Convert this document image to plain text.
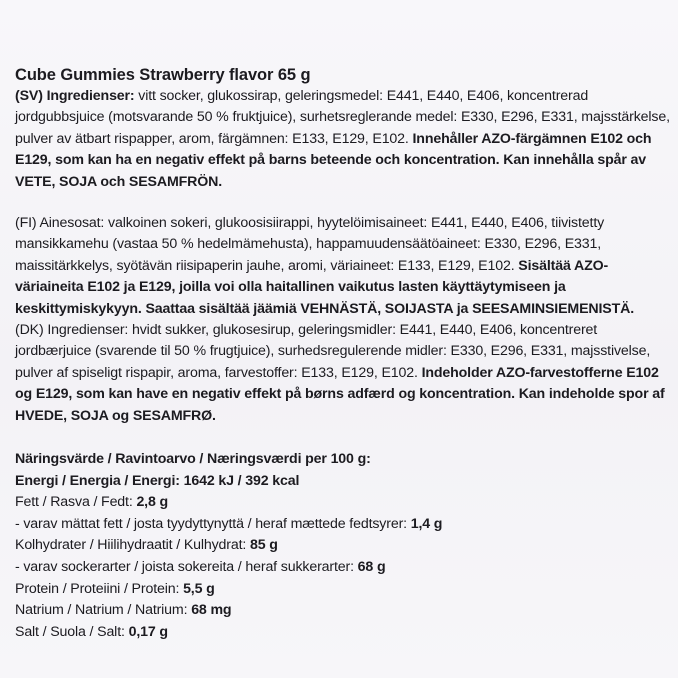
Cube Gummies Strawberry flavor 65 g

(SV) Ingredienser: vitt socker, glukossirap, geleringsmedel: E441, E440, E406, koncentrerad jordgubbsjuice (motsvarande 50 % fruktjuice), surhetsreglerande medel: E330, E296, E331, majsstärkelse, pulver av ätbart rispapper, arom, färgämnen: E133, E129, E102. Innehåller AZO-färgämnen E102 och E129, som kan ha en negativ effekt på barns beteende och koncentration. Kan innehålla spår av VETE, SOJA och SESAMFRÖN.

(FI) Ainesosat: valkoinen sokeri, glukoosisiirappi, hyytelöimisaineet: E441, E440, E406, tiivistetty mansikkamehu (vastaa 50 % hedelmämehusta), happamuudensäätöaineet: E330, E296, E331, maissitärkkelys, syötävän riisipaperin jauhe, aromi, väriaineet: E133, E129, E102. Sisältää AZO-väriaineita E102 ja E129, joilla voi olla haitallinen vaikutus lasten käyttäytymiseen ja keskittymiskykyyn. Saattaa sisältää jäämiä VEHNÄSTÄ, SOIJASTA ja SEESAMINSIEMENISTÄ.

(DK) Ingredienser: hvidt sukker, glukosesirup, geleringsmidler: E441, E440, E406, koncentreret jordbærjuice (svarende til 50 % frugtjuice), surhedsregulerende midler: E330, E296, E331, majsstivelse, pulver af spiseligt rispapir, aroma, farvestoffer: E133, E129, E102. Indeholder AZO-farvestofferne E102 og E129, som kan have en negativ effekt på børns adfærd og koncentration. Kan indeholde spor af HVEDE, SOJA og SESAMFRØ.

Näringsvärde / Ravintoarvo / Næringsværdi per 100 g:
Energi / Energia / Energi: 1642 kJ / 392 kcal
Fett / Rasva / Fedt: 2,8 g
- varav mättat fett / josta tyydyttynyttä / heraf mættede fedtsyrer: 1,4 g
Kolhydrater / Hiilihydraatit / Kulhydrat: 85 g
- varav sockerarter / joista sokereita / heraf sukkerarter: 68 g
Protein / Proteiini / Protein: 5,5 g
Natrium / Natrium / Natrium: 68 mg
Salt / Suola / Salt: 0,17 g
